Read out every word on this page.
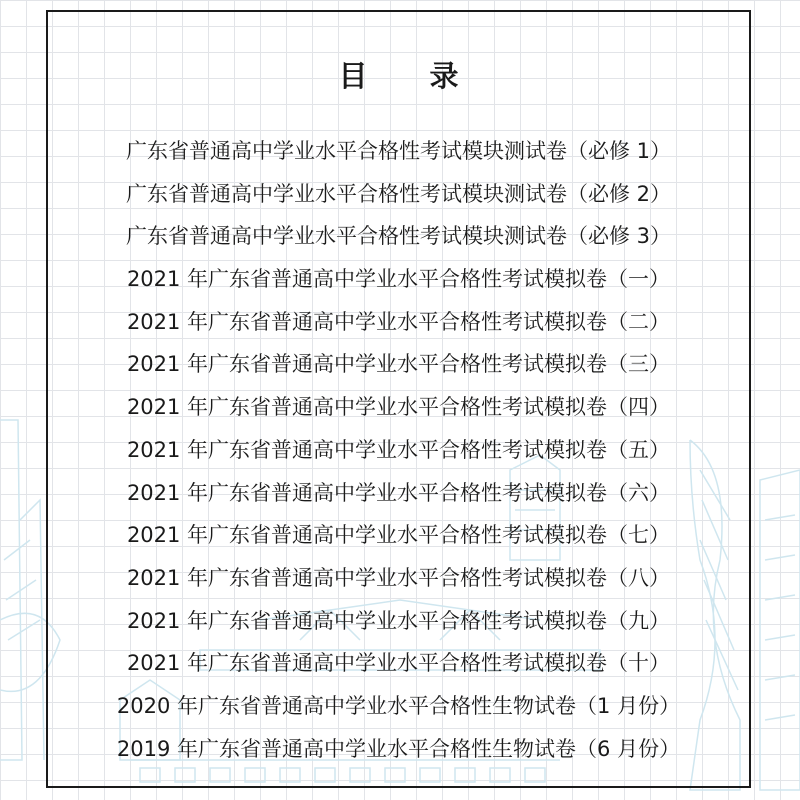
目 录
广东省普通高中学业水平合格性考试模块测试卷（必修 1）
广东省普通高中学业水平合格性考试模块测试卷（必修 2）
广东省普通高中学业水平合格性考试模块测试卷（必修 3）
2021 年广东省普通高中学业水平合格性考试模拟卷（一）
2021 年广东省普通高中学业水平合格性考试模拟卷（二）
2021 年广东省普通高中学业水平合格性考试模拟卷（三）
2021 年广东省普通高中学业水平合格性考试模拟卷（四）
2021 年广东省普通高中学业水平合格性考试模拟卷（五）
2021 年广东省普通高中学业水平合格性考试模拟卷（六）
2021 年广东省普通高中学业水平合格性考试模拟卷（七）
2021 年广东省普通高中学业水平合格性考试模拟卷（八）
2021 年广东省普通高中学业水平合格性考试模拟卷（九）
2021 年广东省普通高中学业水平合格性考试模拟卷（十）
2020 年广东省普通高中学业水平合格性生物试卷（1 月份）
2019 年广东省普通高中学业水平合格性生物试卷（6 月份）
